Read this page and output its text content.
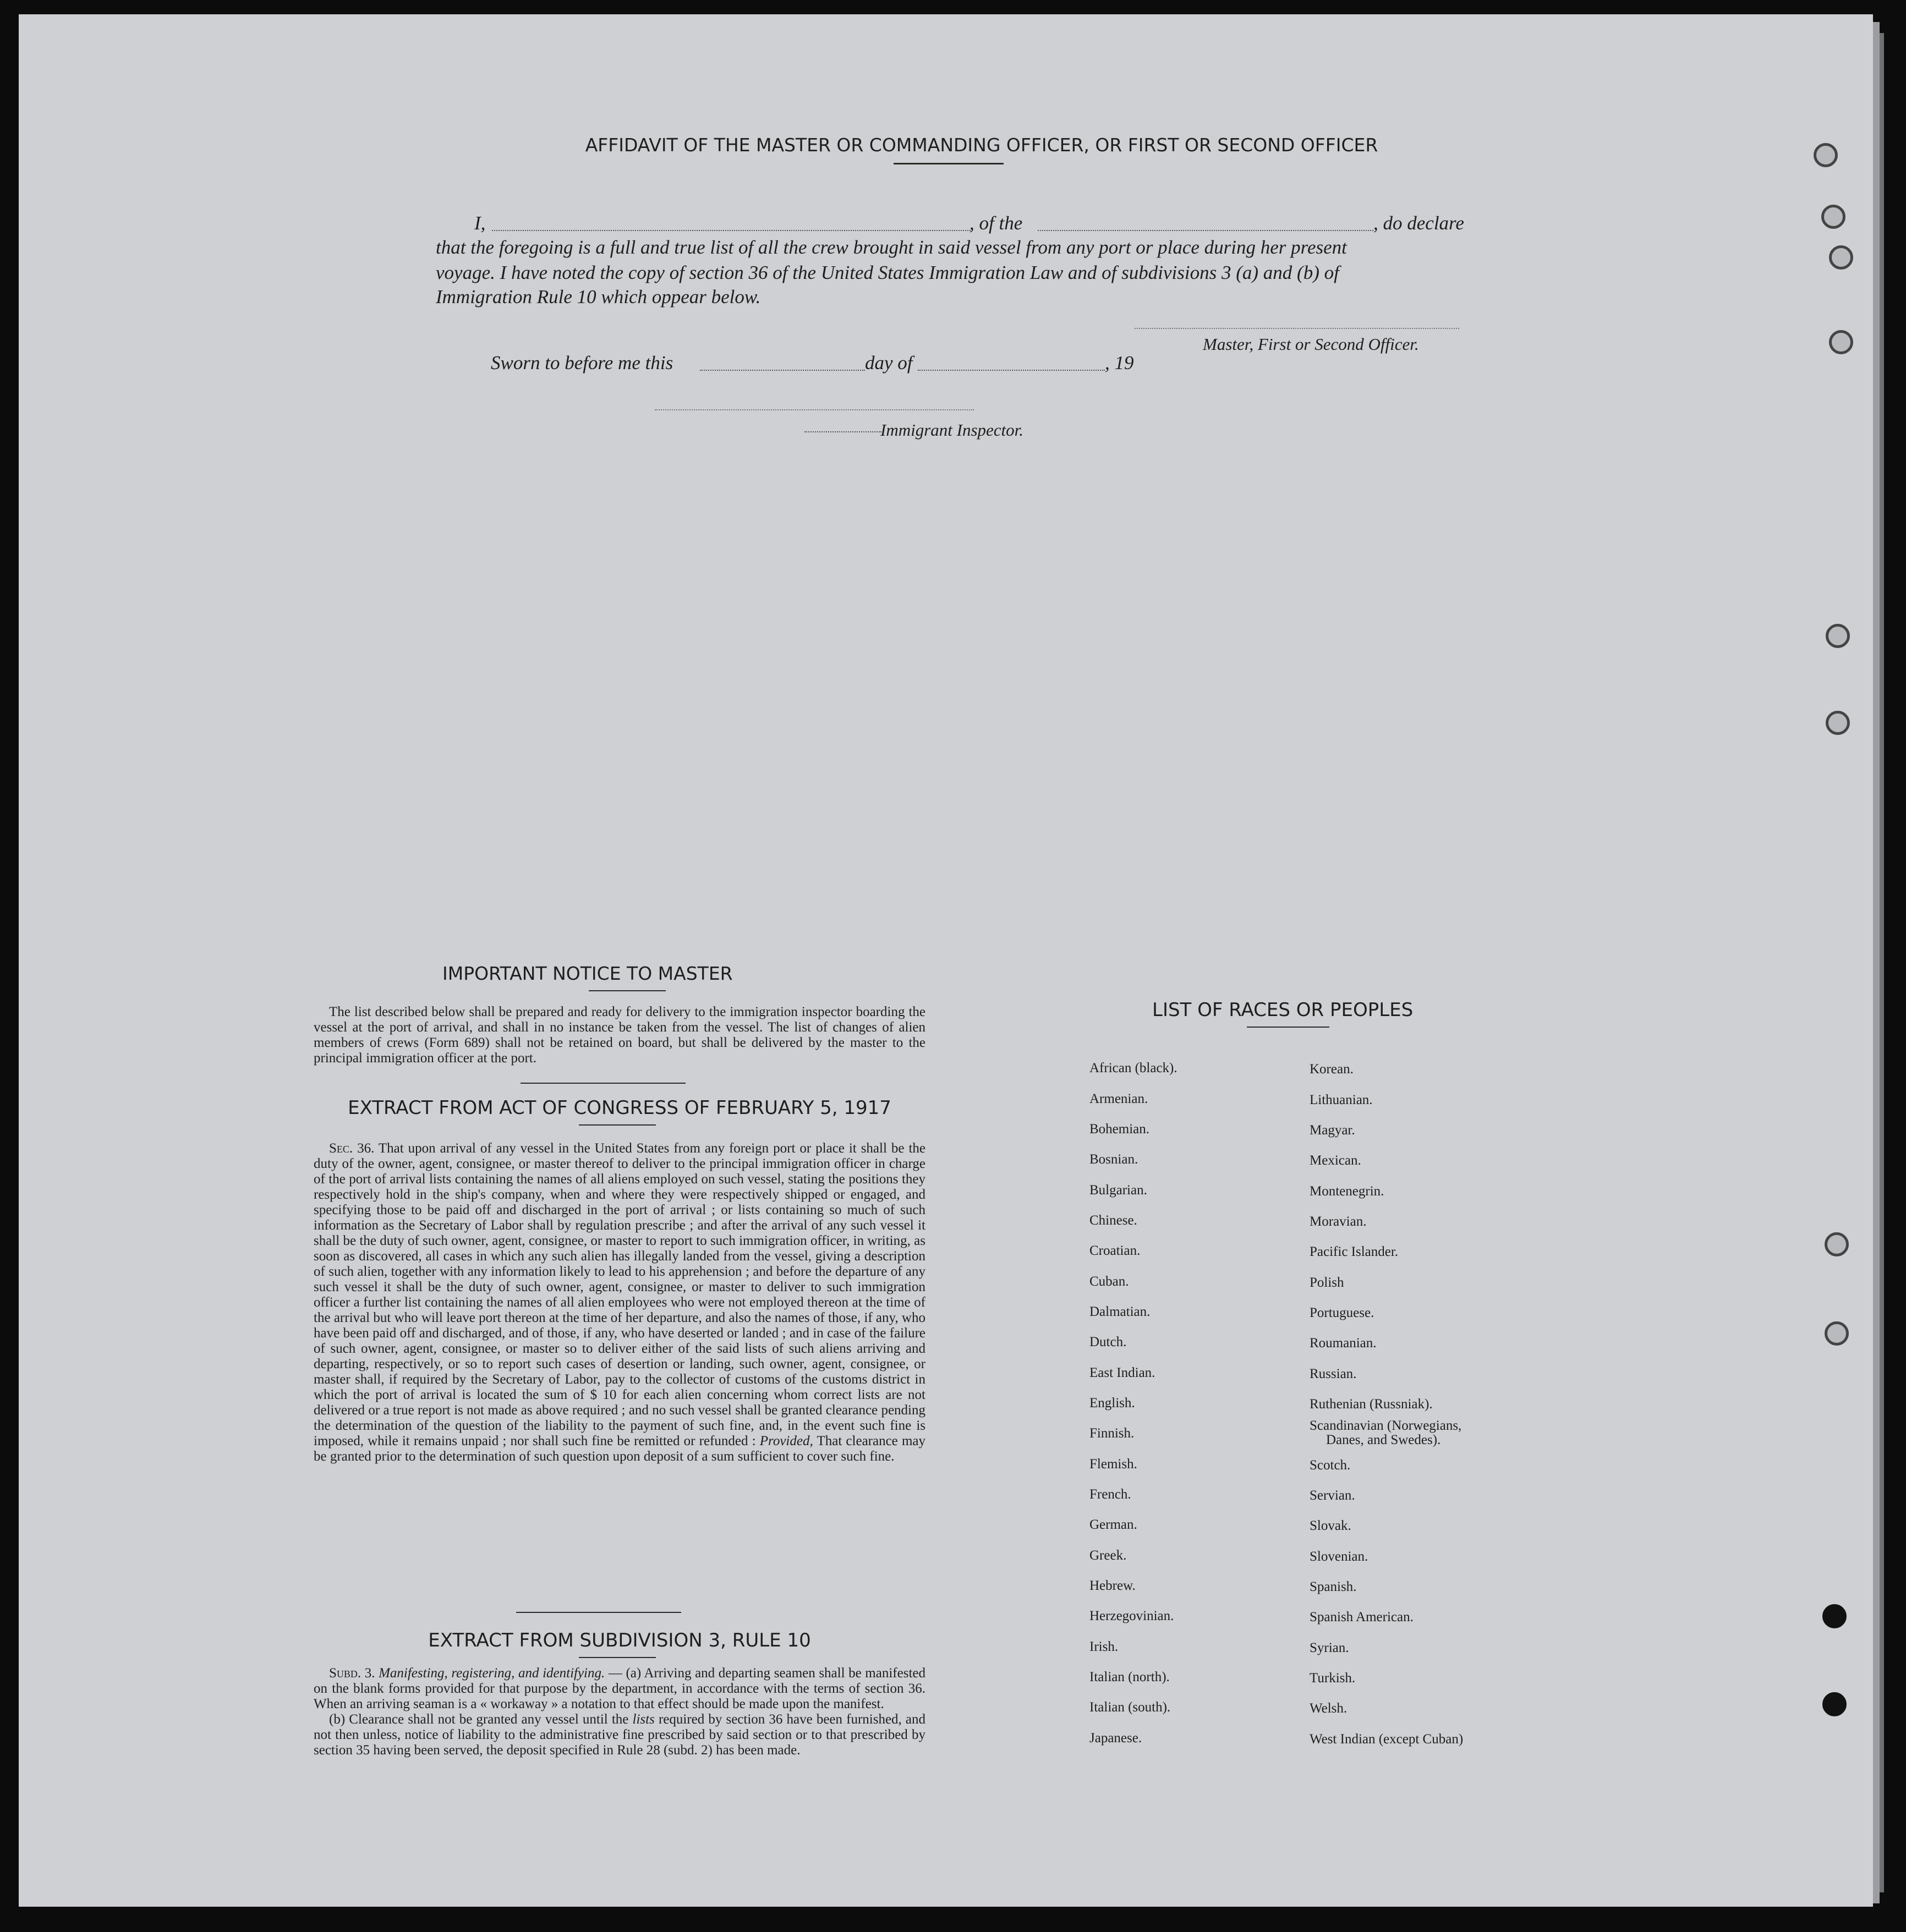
AFFIDAVIT OF THE MASTER OR COMMANDING OFFICER, OR FIRST OR SECOND OFFICER
I,	, of the	, do declare
that the foregoing is a full and true list of all the crew brought in said vessel from any port or place during her present
voyage. I have noted the copy of section 36 of the United States Immigration Law and of subdivisions 3 (a) and (b) of
Immigration Rule 10 which oppear below.
Master, First or Second Officer.
Sworn to before me this	day of	, 19
Immigrant Inspector.
IMPORTANT NOTICE TO MASTER
The list described below shall be prepared and ready for delivery to the immigration inspector boarding the vessel at the port of arrival, and shall in no instance be taken from the vessel. The list of changes of alien members of crews (Form 689) shall not be retained on board, but shall be delivered by the master to the principal immigration officer at the port.
EXTRACT FROM ACT OF CONGRESS OF FEBRUARY 5, 1917
Sec. 36. That upon arrival of any vessel in the United States from any foreign port or place it shall be the duty of the owner, agent, consignee, or master thereof to deliver to the principal immigration officer in charge of the port of arrival lists containing the names of all aliens employed on such vessel, stating the positions they respectively hold in the ship's company, when and where they were respectively shipped or engaged, and specifying those to be paid off and discharged in the port of arrival ; or lists containing so much of such information as the Secretary of Labor shall by regulation prescribe ; and after the arrival of any such vessel it shall be the duty of such owner, agent, consignee, or master to report to such immigration officer, in writing, as soon as discovered, all cases in which any such alien has illegally landed from the vessel, giving a description of such alien, together with any information likely to lead to his apprehension ; and before the departure of any such vessel it shall be the duty of such owner, agent, consignee, or master to deliver to such immigration officer a further list containing the names of all alien employees who were not employed thereon at the time of the arrival but who will leave port thereon at the time of her departure, and also the names of those, if any, who have been paid off and discharged, and of those, if any, who have deserted or landed ; and in case of the failure of such owner, agent, consignee, or master so to deliver either of the said lists of such aliens arriving and departing, respectively, or so to report such cases of desertion or landing, such owner, agent, consignee, or master shall, if required by the Secretary of Labor, pay to the collector of customs of the customs district in which the port of arrival is located the sum of $ 10 for each alien concerning whom correct lists are not delivered or a true report is not made as above required ; and no such vessel shall be granted clearance pending the determination of the question of the liability to the payment of such fine, and, in the event such fine is imposed, while it remains unpaid ; nor shall such fine be remitted or refunded : Provided, That clearance may be granted prior to the determination of such question upon deposit of a sum sufficient to cover such fine.
EXTRACT FROM SUBDIVISION 3, RULE 10
Subd. 3. Manifesting, registering, and identifying. — (a) Arriving and departing seamen shall be manifested on the blank forms provided for that purpose by the department, in accordance with the terms of section 36. When an arriving seaman is a « workaway » a notation to that effect should be made upon the manifest.
(b) Clearance shall not be granted any vessel until the lists required by section 36 have been furnished, and not then unless, notice of liability to the administrative fine prescribed by said section or to that prescribed by section 35 having been served, the deposit specified in Rule 28 (subd. 2) has been made.
LIST OF RACES OR PEOPLES
African (black).
Armenian.
Bohemian.
Bosnian.
Bulgarian.
Chinese.
Croatian.
Cuban.
Dalmatian.
Dutch.
East Indian.
English.
Finnish.
Flemish.
French.
German.
Greek.
Hebrew.
Herzegovinian.
Irish.
Italian (north).
Italian (south).
Japanese.
Korean.
Lithuanian.
Magyar.
Mexican.
Montenegrin.
Moravian.
Pacific Islander.
Polish
Portuguese.
Roumanian.
Russian.
Ruthenian (Russniak).
Scandinavian (Norwegians,
Danes, and Swedes).
Scotch.
Servian.
Slovak.
Slovenian.
Spanish.
Spanish American.
Syrian.
Turkish.
Welsh.
West Indian (except Cuban)
